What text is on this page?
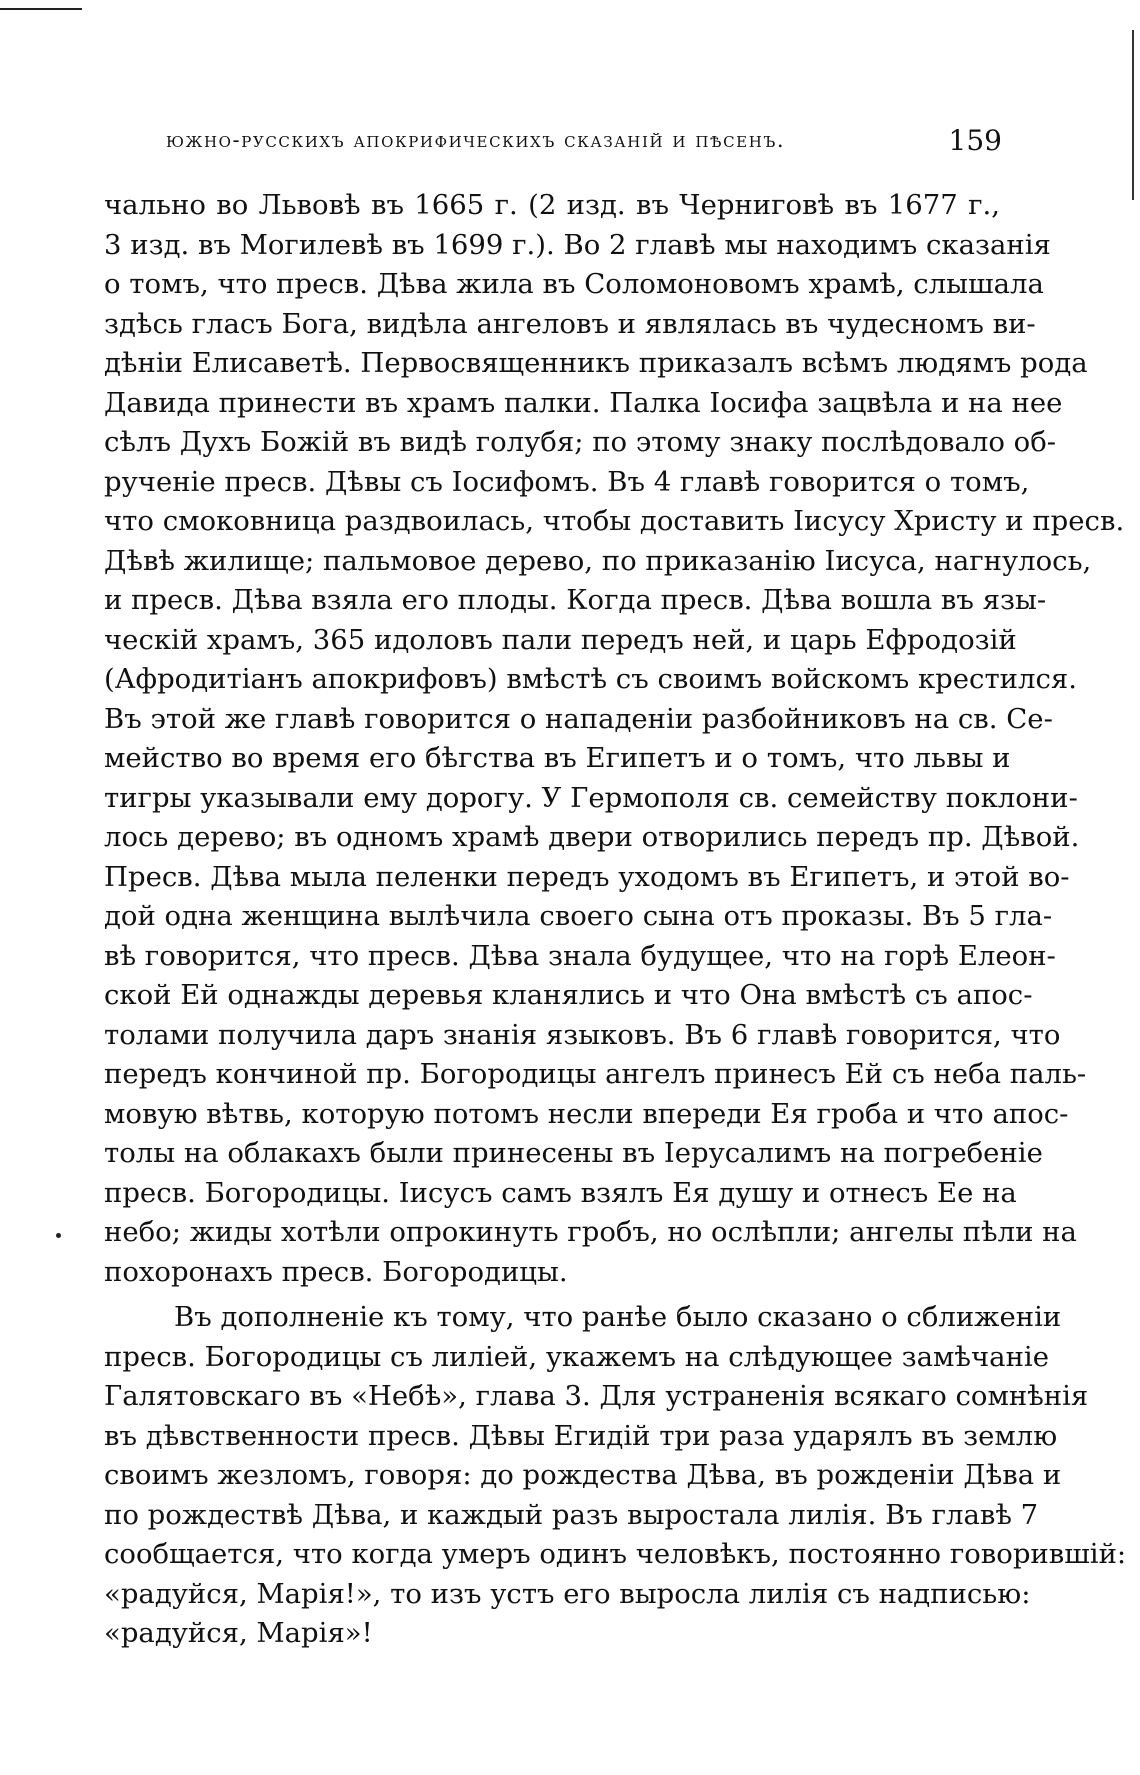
южно-русскихъ апокрифическихъ сказаній и пѣсенъ.	159
чально во Львовѣ въ 1665 г. (2 изд. въ Черниговѣ въ 1677 г.,
3 изд. въ Могилевѣ въ 1699 г.). Во 2 главѣ мы находимъ сказанія
о томъ, что пресв. Дѣва жила въ Соломоновомъ храмѣ, слышала
здѣсь гласъ Бога, видѣла ангеловъ и являлась въ чудесномъ ви-
дѣніи Елисаветѣ. Первосвященникъ приказалъ всѣмъ людямъ рода
Давида принести въ храмъ палки. Палка Іосифа зацвѣла и на нее
сѣлъ Духъ Божій въ видѣ голубя; по этому знаку послѣдовало об-
рученіе пресв. Дѣвы съ Іосифомъ. Въ 4 главѣ говорится о томъ,
что смоковница раздвоилась, чтобы доставить Іисусу Христу и пресв.
Дѣвѣ жилище; пальмовое дерево, по приказанію Іисуса, нагнулось,
и пресв. Дѣва взяла его плоды. Когда пресв. Дѣва вошла въ язы-
ческій храмъ, 365 идоловъ пали передъ ней, и царь Ефродозій
(Афродитіанъ апокрифовъ) вмѣстѣ съ своимъ войскомъ крестился.
Въ этой же главѣ говорится о нападеніи разбойниковъ на св. Се-
мейство во время его бѣгства въ Египетъ и о томъ, что львы и
тигры указывали ему дорогу. У Гермополя св. семейству поклони-
лось дерево; въ одномъ храмѣ двери отворились передъ пр. Дѣвой.
Пресв. Дѣва мыла пеленки передъ уходомъ въ Египетъ, и этой во-
дой одна женщина вылѣчила своего сына отъ проказы. Въ 5 гла-
вѣ говорится, что пресв. Дѣва знала будущее, что на горѣ Елеон-
ской Ей однажды деревья кланялись и что Она вмѣстѣ съ апос-
толами получила даръ знанія языковъ. Въ 6 главѣ говорится, что
передъ кончиной пр. Богородицы ангелъ принесъ Ей съ неба паль-
мовую вѣтвь, которую потомъ несли впереди Ея гроба и что апос-
толы на облакахъ были принесены въ Іерусалимъ на погребеніе
пресв. Богородицы. Іисусъ самъ взялъ Ея душу и отнесъ Ее на
небо; жиды хотѣли опрокинуть гробъ, но ослѣпли; ангелы пѣли на
похоронахъ пресв. Богородицы.
Въ дополненіе къ тому, что ранѣе было сказано о сближеніи
пресв. Богородицы съ лиліей, укажемъ на слѣдующее замѣчаніе
Галятовскаго въ «Небѣ», глава 3. Для устраненія всякаго сомнѣнія
въ дѣвственности пресв. Дѣвы Егидій три раза ударялъ въ землю
своимъ жезломъ, говоря: до рождества Дѣва, въ рожденіи Дѣва и
по рождествѣ Дѣва, и каждый разъ выростала лилія. Въ главѣ 7
сообщается, что когда умеръ одинъ человѣкъ, постоянно говорившій:
«радуйся, Марія!», то изъ устъ его выросла лилія съ надписью:
«радуйся, Марія»!
